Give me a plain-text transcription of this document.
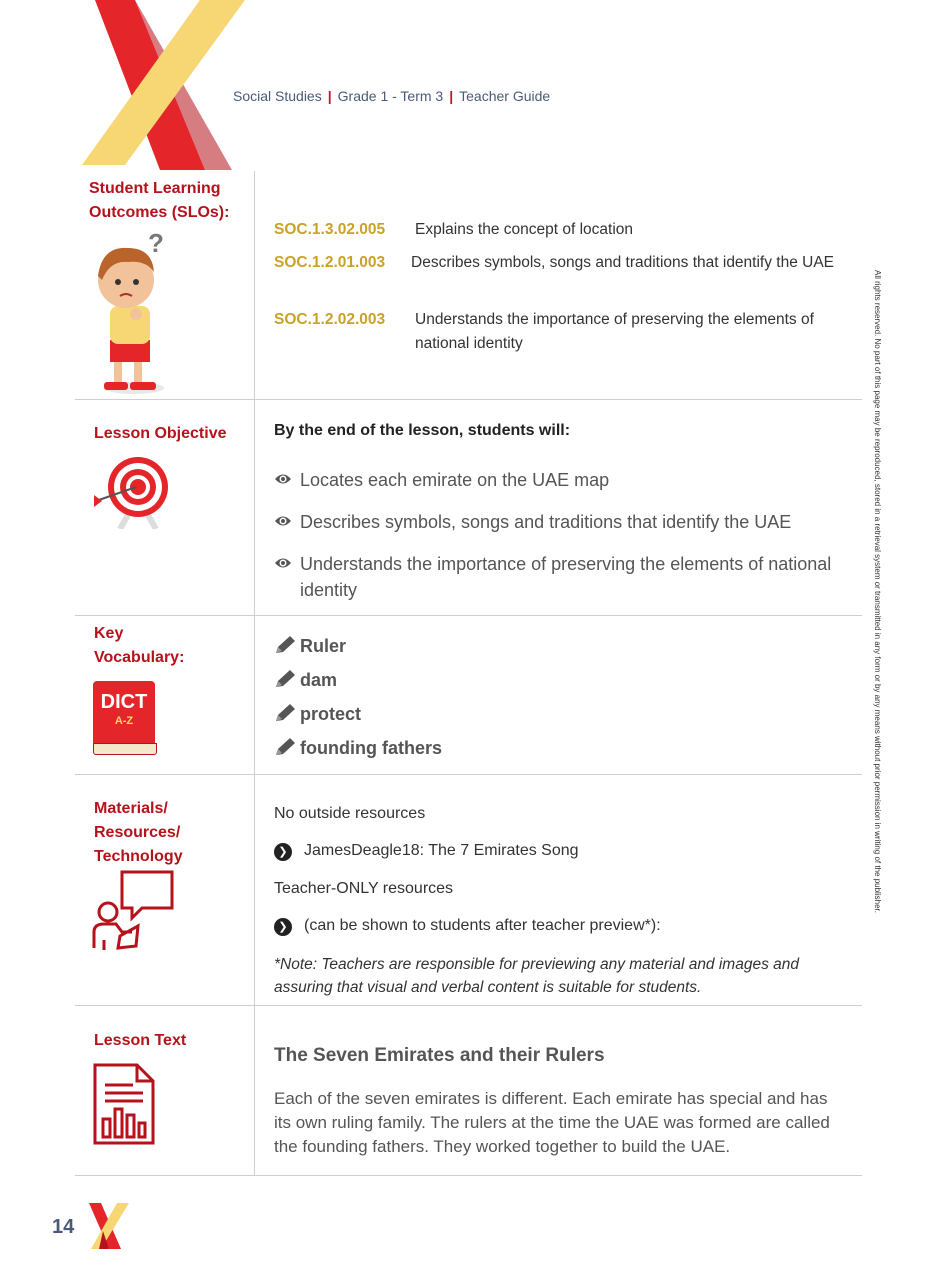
Social Studies | Grade 1 - Term 3 | Teacher Guide
Student Learning
Outcomes (SLOs):
?	SOC.1.3.02.005 Explains the concept of location
SOC.1.2.01.003 Describes symbols, songs and traditions that identify the UAE
SOC.1.2.02.003 Understands the importance of preserving the elements of national identity
Lesson Objective	By the end of the lesson, students will:
Locates each emirate on the UAE map
Describes symbols, songs and traditions that identify the UAE
Understands the importance of preserving the elements of national identity
Key
Vocabulary:
DICT
A-Z
Ruler
dam
protect
founding fathers
Materials/
Resources/
Technology
No outside resources
❯ JamesDeagle18: The 7 Emirates Song
Teacher-ONLY resources
❯ (can be shown to students after teacher preview*):
*Note: Teachers are responsible for previewing any material and images and assuring that visual and verbal content is suitable for students.
Lesson Text
The Seven Emirates and their Rulers
Each of the seven emirates is different. Each emirate has special and has its own ruling family. The rulers at the time the UAE was formed are called the founding fathers. They worked together to build the UAE.
All rights reserved. No part of this page may be reproduced, stored in a retrieval system or transmitted in any form or by any means without prior permission in writing of the publisher.
14
